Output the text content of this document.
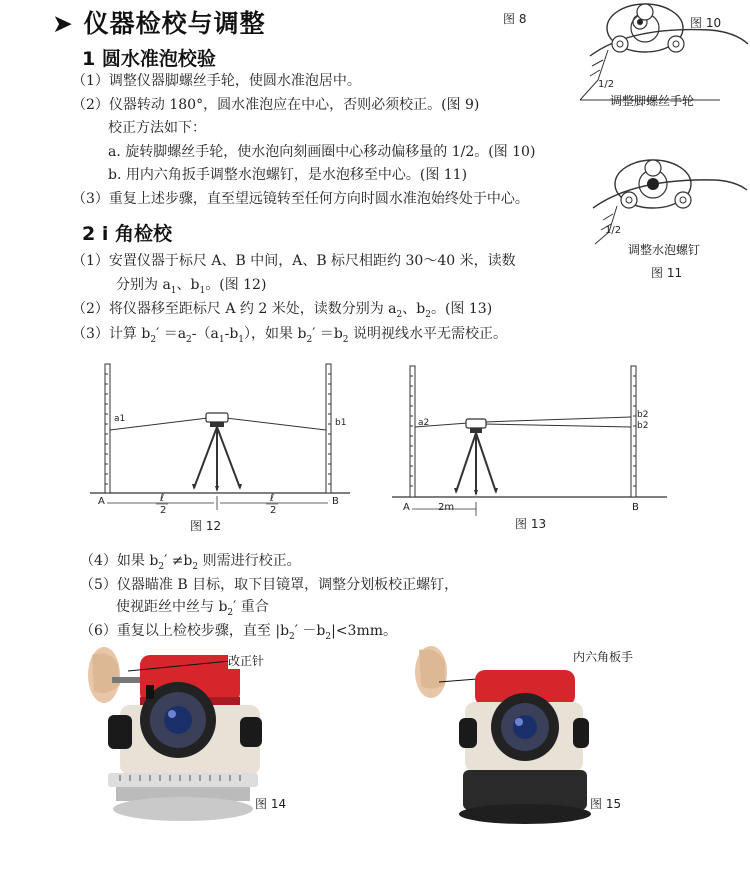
➤ 仪器检校与调整
1 圆水准泡校验
（1）调整仪器脚螺丝手轮，使圆水准泡居中。
（2）仪器转动 180°，圆水准泡应在中心，否则必须校正。(图 9)
校正方法如下：
a. 旋转脚螺丝手轮，使水泡向刻画圈中心移动偏移量的 1/2。(图 10)
b. 用内六角扳手调整水泡螺钉，是水泡移至中心。(图 11)
（3）重复上述步骤，直至望远镜转至任何方向时圆水准泡始终处于中心。
图 8	图 10
1/2
调整脚螺丝手轮
1/2
调整水泡螺钉
图 11
2 i 角检校
（1）安置仪器于标尺 A、B 中间，A、B 标尺相距约 30～40 米，读数
分别为 $a_1$、$b_1$。(图 12)
（2）将仪器移至距标尺 A 约 2 米处，读数分别为 $a_2$、$b_2$。(图 13)
（3）计算 $b_2' =a_2-(a_1-b_1)$，如果 $b_2' =b_2$ 说明视线水平无需校正。
a1	b1
A	B
ℓ
2
ℓ
2
图 12
a2
b2
b2
A	B
2m
图 13
（4）如果 $b_2' \ne b_2$ 则需进行校正。
（5）仪器瞄准 B 目标，取下目镜罩，调整分划板校正螺钉，
使视距丝中丝与 $b_2'$ 重合
（6）重复以上检校步骤，直至 $|b_2' -b_2|<3mm$。
改正针
图 14
内六角板手
图 15
